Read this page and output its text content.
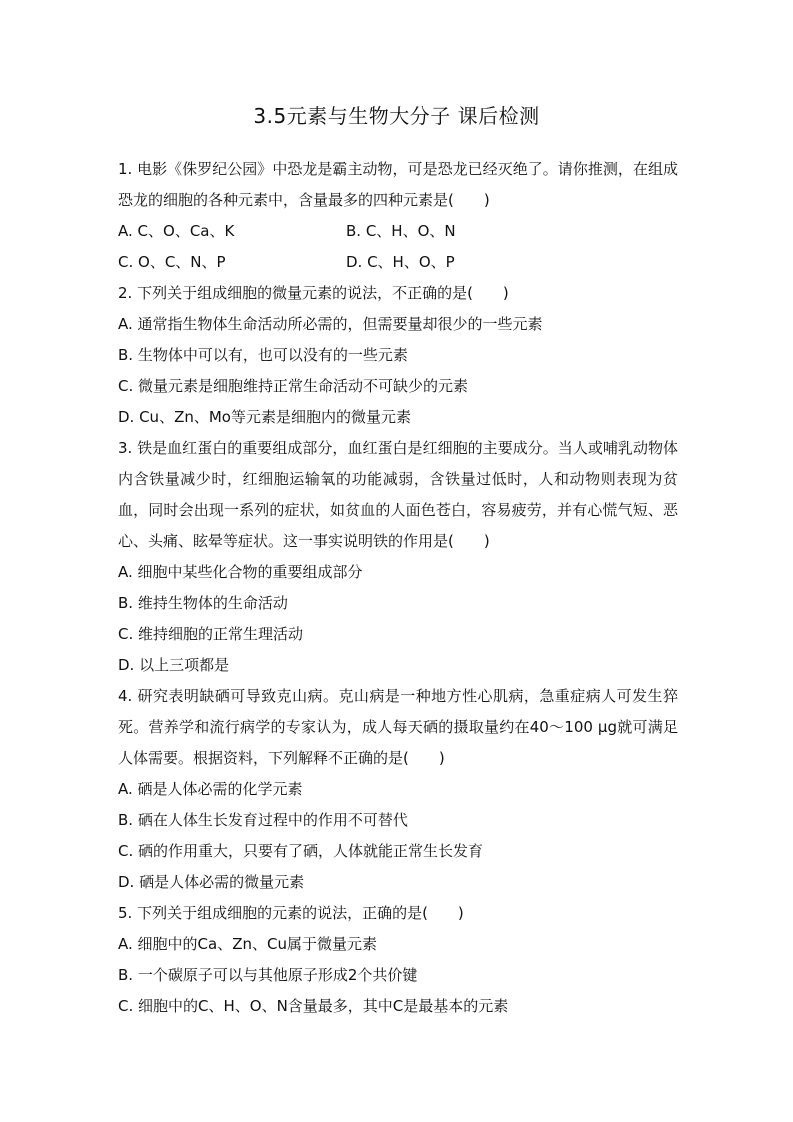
3.5元素与生物大分子 课后检测
1. 电影《侏罗纪公园》中恐龙是霸主动物，可是恐龙已经灭绝了。请你推测，在组成恐龙的细胞的各种元素中，含量最多的四种元素是(　　)
A. C、O、Ca、K	B. C、H、O、N
C. O、C、N、P	D. C、H、O、P
2. 下列关于组成细胞的微量元素的说法，不正确的是(　　)
A. 通常指生物体生命活动所必需的，但需要量却很少的一些元素
B. 生物体中可以有，也可以没有的一些元素
C. 微量元素是细胞维持正常生命活动不可缺少的元素
D. Cu、Zn、Mo等元素是细胞内的微量元素
3. 铁是血红蛋白的重要组成部分，血红蛋白是红细胞的主要成分。当人或哺乳动物体内含铁量减少时，红细胞运输氧的功能减弱，含铁量过低时，人和动物则表现为贫血，同时会出现一系列的症状，如贫血的人面色苍白，容易疲劳，并有心慌气短、恶心、头痛、眩晕等症状。这一事实说明铁的作用是(　　)
A. 细胞中某些化合物的重要组成部分
B. 维持生物体的生命活动
C. 维持细胞的正常生理活动
D. 以上三项都是
4. 研究表明缺硒可导致克山病。克山病是一种地方性心肌病，急重症病人可发生猝死。营养学和流行病学的专家认为，成人每天硒的摄取量约在40～100 μg就可满足人体需要。根据资料，下列解释不正确的是(　　)
A. 硒是人体必需的化学元素
B. 硒在人体生长发育过程中的作用不可替代
C. 硒的作用重大，只要有了硒，人体就能正常生长发育
D. 硒是人体必需的微量元素
5. 下列关于组成细胞的元素的说法，正确的是(　　)
A. 细胞中的Ca、Zn、Cu属于微量元素
B. 一个碳原子可以与其他原子形成2个共价键
C. 细胞中的C、H、O、N含量最多，其中C是最基本的元素
